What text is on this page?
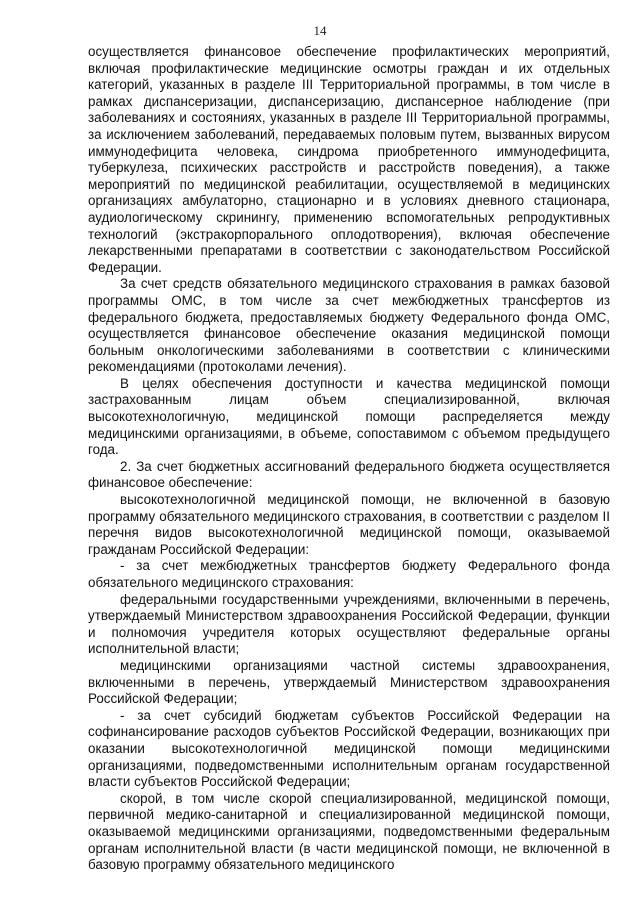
14

осуществляется финансовое обеспечение профилактических мероприятий, включая профилактические медицинские осмотры граждан и их отдельных категорий, указанных в разделе III Территориальной программы, в том числе в рамках диспансеризации, диспансеризацию, диспансерное наблюдение (при заболеваниях и состояниях, указанных в разделе III Территориальной программы, за исключением заболеваний, передаваемых половым путем, вызванных вирусом иммунодефицита человека, синдрома приобретенного иммунодефицита, туберкулеза, психических расстройств и расстройств поведения), а также мероприятий по медицинской реабилитации, осуществляемой в медицинских организациях амбулаторно, стационарно и в условиях дневного стационара, аудиологическому скринингу, применению вспомогательных репродуктивных технологий (экстракорпорального оплодотворения), включая обеспечение лекарственными препаратами в соответствии с законодательством Российской Федерации.

За счет средств обязательного медицинского страхования в рамках базовой программы ОМС, в том числе за счет межбюджетных трансфертов из федерального бюджета, предоставляемых бюджету Федерального фонда ОМС, осуществляется финансовое обеспечение оказания медицинской помощи больным онкологическими заболеваниями в соответствии с клиническими рекомендациями (протоколами лечения).

В целях обеспечения доступности и качества медицинской помощи застрахованным лицам объем специализированной, включая высокотехнологичную, медицинской помощи распределяется между медицинскими организациями, в объеме, сопоставимом с объемом предыдущего года.

2. За счет бюджетных ассигнований федерального бюджета осуществляется финансовое обеспечение:

высокотехнологичной медицинской помощи, не включенной в базовую программу обязательного медицинского страхования, в соответствии с разделом II перечня видов высокотехнологичной медицинской помощи, оказываемой гражданам Российской Федерации:

- за счет межбюджетных трансфертов бюджету Федерального фонда обязательного медицинского страхования:

федеральными государственными учреждениями, включенными в перечень, утверждаемый Министерством здравоохранения Российской Федерации, функции и полномочия учредителя которых осуществляют федеральные органы исполнительной власти;

медицинскими организациями частной системы здравоохранения, включенными в перечень, утверждаемый Министерством здравоохранения Российской Федерации;

- за счет субсидий бюджетам субъектов Российской Федерации на софинансирование расходов субъектов Российской Федерации, возникающих при оказании высокотехнологичной медицинской помощи медицинскими организациями, подведомственными исполнительным органам государственной власти субъектов Российской Федерации;

скорой, в том числе скорой специализированной, медицинской помощи, первичной медико-санитарной и специализированной медицинской помощи, оказываемой медицинскими организациями, подведомственными федеральным органам исполнительной власти (в части медицинской помощи, не включенной в базовую программу обязательного медицинского
